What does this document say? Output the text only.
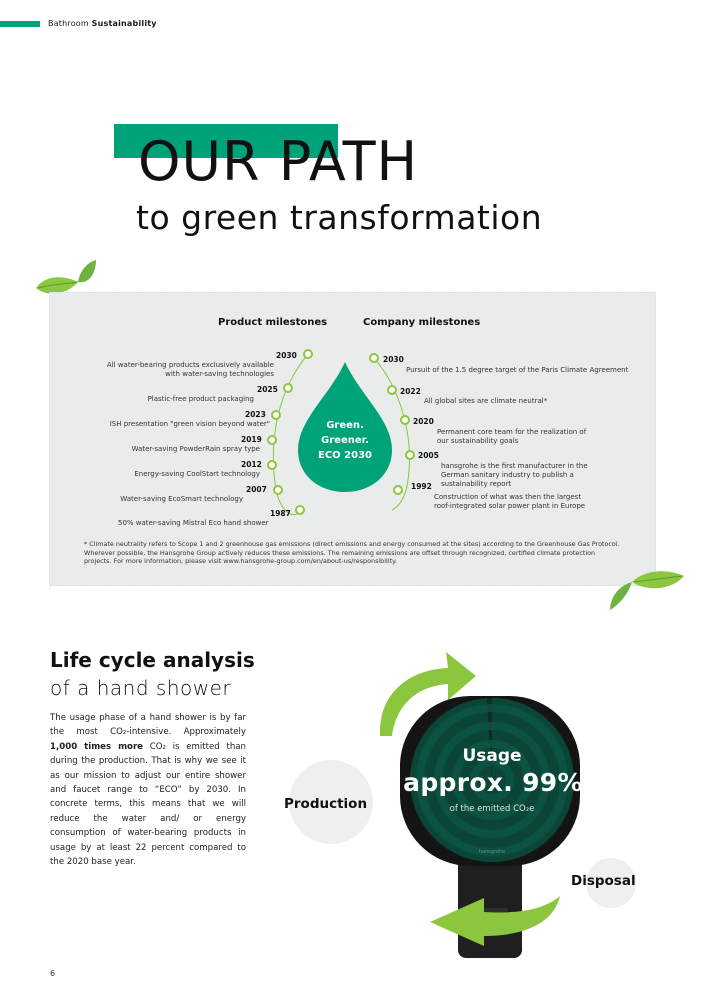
Bathroom Sustainability
OUR PATH
to green transformation
Product milestones	Company milestones
Green.
Greener.
ECO 2030
2030
All water-bearing products exclusively available with water-saving technologies
2025
Plastic-free product packaging
2023
ISH presentation "green vision beyond water"
2019
Water-saving PowderRain spray type
2012
Energy-saving CoolStart technology
2007
Water-saving EcoSmart technology
1987
50% water-saving Mistral Eco hand shower
2030
Pursuit of the 1.5 degree target of the Paris Climate Agreement
2022
All global sites are climate neutral*
2020
Permanent core team for the realization of our sustainability goals
2005
hansgrohe is the first manufacturer in the German sanitary industry to publish a sustainability report
1992
Construction of what was then the largest roof-integrated solar power plant in Europe
* Climate neutrality refers to Scope 1 and 2 greenhouse gas emissions (direct emissions and energy consumed at the sites) according to the Greenhouse Gas Protocol. Wherever possible, the Hansgrohe Group actively reduces these emissions. The remaining emissions are offset through recognized, certified climate protection projects. For more information, please visit www.hansgrohe-group.com/en/about-us/responsibility.
Life cycle analysis
of a hand shower
The usage phase of a hand shower is by far the most CO₂-intensive. Approximately 1,000 times more CO₂ is emitted than during the production. That is why we see it as our mission to adjust our entire shower and faucet range to “ECO” by 2030. In concrete terms, this means that we will reduce the water and/ or energy consumption of water-bearing products in usage by at least 22 percent compared to the 2020 base year.
Production
hansgrohe
Usage
approx. 99%
of the emitted CO₂e
Disposal
6
